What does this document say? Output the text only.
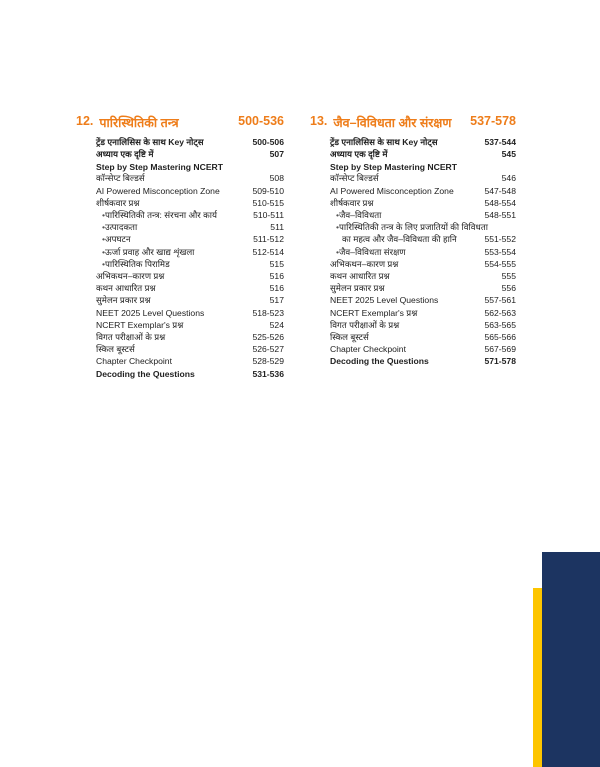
12. पारिस्थितिकी तन्त्र	500-536
ट्रेंड एनालिसिस के साथ Key नोट्स	500-506
अध्याय एक दृष्टि में	507
Step by Step Mastering NCERT
कॉन्सेप्ट बिल्डर्स	508
AI Powered Misconception Zone	509-510
शीर्षकवार प्रश्न	510-515
• पारिस्थितिकी तन्त्र: संरचना और कार्य	510-511
• उत्पादकता	511
• अपघटन	511-512
• ऊर्जा प्रवाह और खाद्य शृंखला	512-514
• पारिस्थितिक पिरामिड	515
अभिकथन–कारण प्रश्न	516
कथन आधारित प्रश्न	516
सुमेलन प्रकार प्रश्न	517
NEET 2025 Level Questions	518-523
NCERT Exemplar's प्रश्न	524
विगत परीक्षाओं के प्रश्न	525-526
स्किल बूस्टर्स	526-527
Chapter Checkpoint	528-529
Decoding the Questions	531-536
13. जैव–विविधता और संरक्षण 537-578
ट्रेंड एनालिसिस के साथ Key नोट्स	537-544
अध्याय एक दृष्टि में	545
Step by Step Mastering NCERT
कॉन्सेप्ट बिल्डर्स	546
AI Powered Misconception Zone	547-548
शीर्षकवार प्रश्न	548-554
• जैव–विविधता	548-551
• पारिस्थितिकी तन्त्र के लिए प्रजातियों की विविधता
का महत्व और जैव–विविधता की हानि	551-552
• जैव–विविधता संरक्षण	553-554
अभिकथन–कारण प्रश्न	554-555
कथन आधारित प्रश्न	555
सुमेलन प्रकार प्रश्न	556
NEET 2025 Level Questions	557-561
NCERT Exemplar's प्रश्न	562-563
विगत परीक्षाओं के प्रश्न	563-565
स्किल बूस्टर्स	565-566
Chapter Checkpoint	567-569
Decoding the Questions	571-578
